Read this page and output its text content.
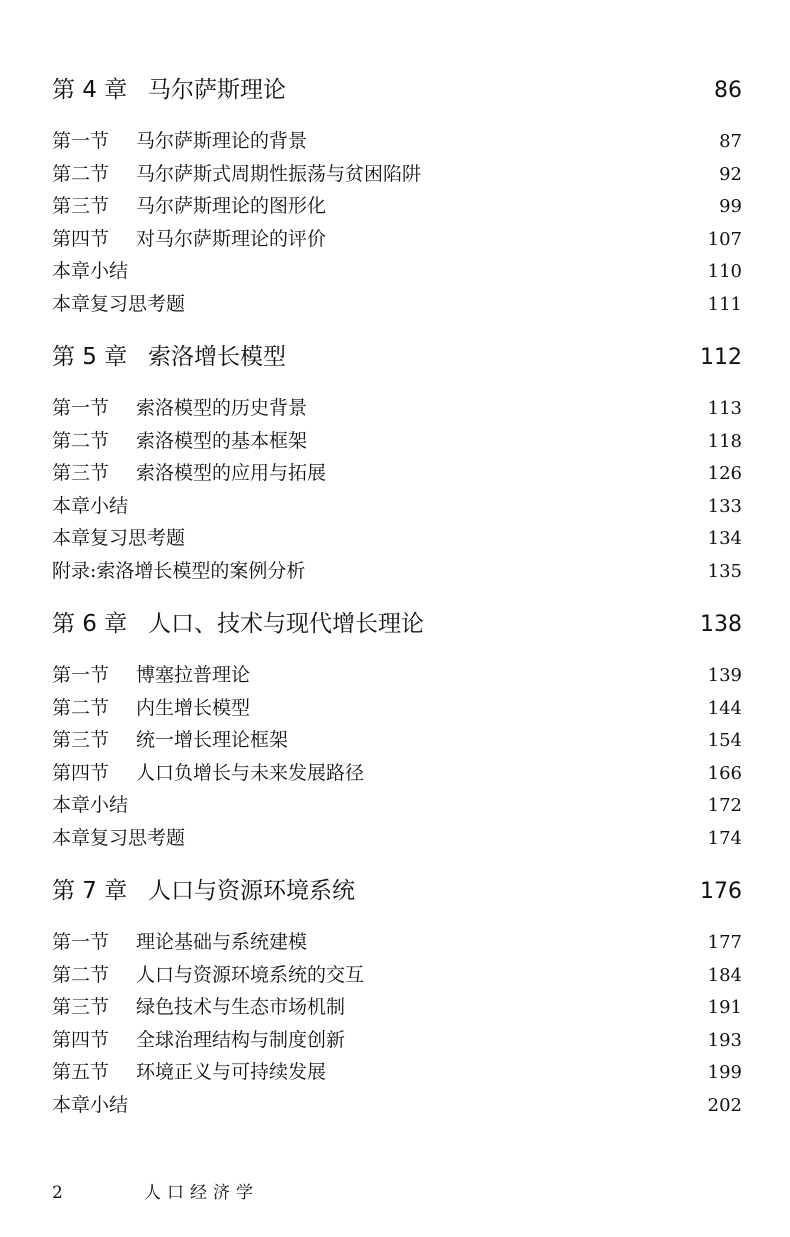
第 4 章 马尔萨斯理论	86
第一节	马尔萨斯理论的背景	87
第二节	马尔萨斯式周期性振荡与贫困陷阱	92
第三节	马尔萨斯理论的图形化	99
第四节	对马尔萨斯理论的评价	107
本章小结	110
本章复习思考题	111
第 5 章 索洛增长模型	112
第一节	索洛模型的历史背景	113
第二节	索洛模型的基本框架	118
第三节	索洛模型的应用与拓展	126
本章小结	133
本章复习思考题	134
附录:索洛增长模型的案例分析	135
第 6 章 人口、技术与现代增长理论	138
第一节	博塞拉普理论	139
第二节	内生增长模型	144
第三节	统一增长理论框架	154
第四节	人口负增长与未来发展路径	166
本章小结	172
本章复习思考题	174
第 7 章 人口与资源环境系统	176
第一节	理论基础与系统建模	177
第二节	人口与资源环境系统的交互	184
第三节	绿色技术与生态市场机制	191
第四节	全球治理结构与制度创新	193
第五节	环境正义与可持续发展	199
本章小结	202
2	人口经济学
